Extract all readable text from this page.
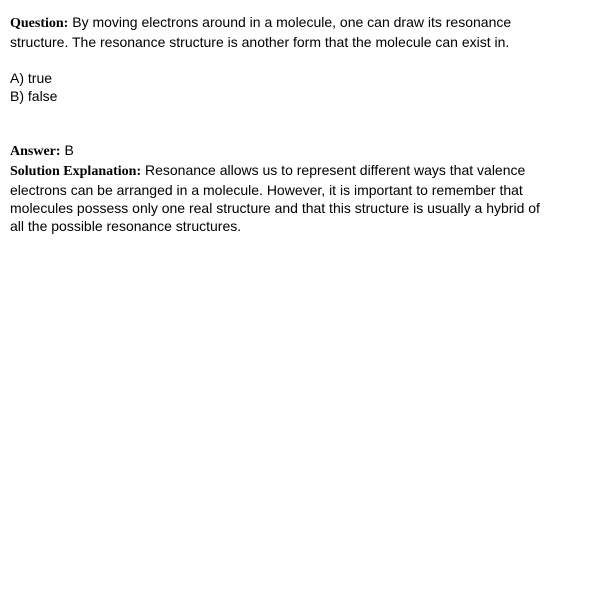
Question: By moving electrons around in a molecule, one can draw its resonance
structure. The resonance structure is another form that the molecule can exist in.
A) true
B) false
Answer: B
Solution Explanation: Resonance allows us to represent different ways that valence
electrons can be arranged in a molecule. However, it is important to remember that
molecules possess only one real structure and that this structure is usually a hybrid of
all the possible resonance structures.
